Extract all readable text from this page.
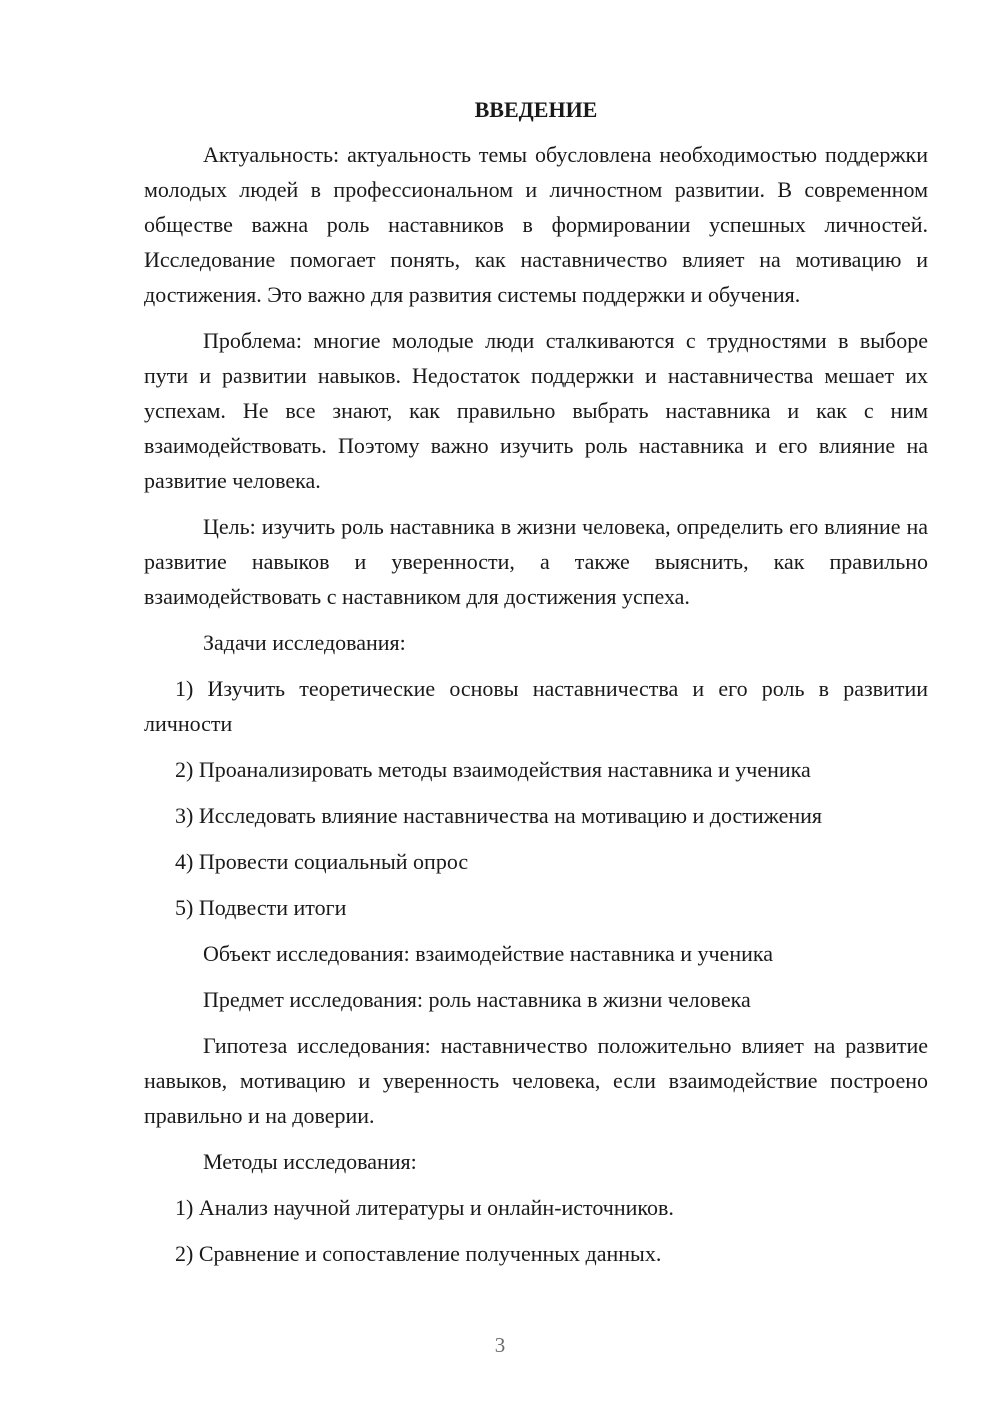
ВВЕДЕНИЕ

Актуальность: актуальность темы обусловлена необходимостью поддержки молодых людей в профессиональном и личностном развитии. В современном обществе важна роль наставников в формировании успешных личностей. Исследование помогает понять, как наставничество влияет на мотивацию и достижения. Это важно для развития системы поддержки и обучения.

Проблема: многие молодые люди сталкиваются с трудностями в выборе пути и развитии навыков. Недостаток поддержки и наставничества мешает их успехам. Не все знают, как правильно выбрать наставника и как с ним взаимодействовать. Поэтому важно изучить роль наставника и его влияние на развитие человека.

Цель: изучить роль наставника в жизни человека, определить его влияние на развитие навыков и уверенности, а также выяснить, как правильно взаимодействовать с наставником для достижения успеха.

Задачи исследования:

1) Изучить теоретические основы наставничества и его роль в развитии личности

2) Проанализировать методы взаимодействия наставника и ученика

3) Исследовать влияние наставничества на мотивацию и достижения

4) Провести социальный опрос

5) Подвести итоги

Объект исследования: взаимодействие наставника и ученика

Предмет исследования: роль наставника в жизни человека

Гипотеза исследования: наставничество положительно влияет на развитие навыков, мотивацию и уверенность человека, если взаимодействие построено правильно и на доверии.

Методы исследования:

1) Анализ научной литературы и онлайн-источников.

2) Сравнение и сопоставление полученных данных.

3
